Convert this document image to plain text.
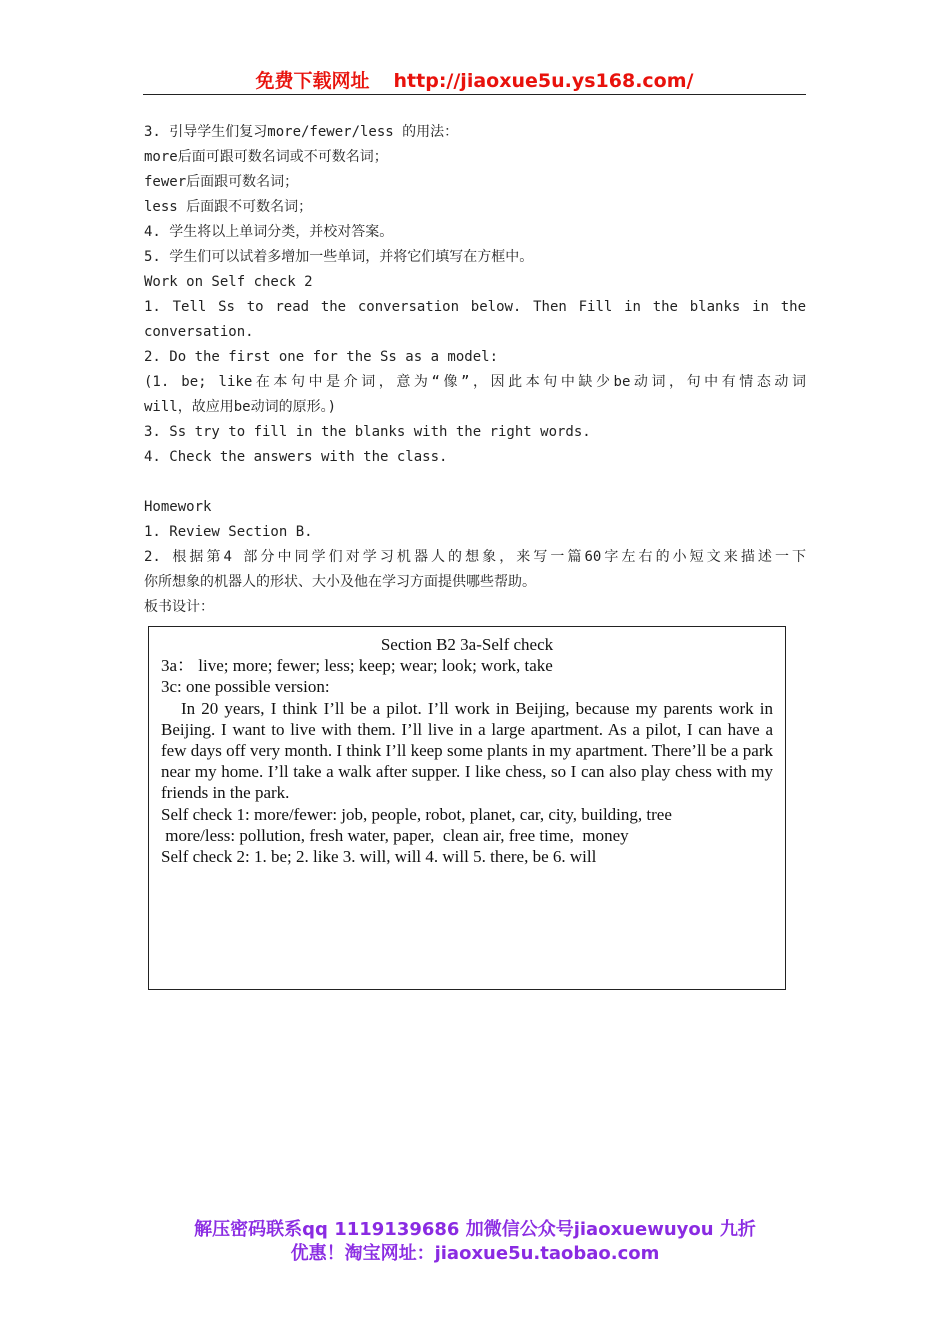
免费下载网址 http://jiaoxue5u.ys168.com/
3. 引导学生们复习more/fewer/less 的用法：
more后面可跟可数名词或不可数名词；
fewer后面跟可数名词；
less 后面跟不可数名词；
4. 学生将以上单词分类，并校对答案。
5. 学生们可以试着多增加一些单词，并将它们填写在方框中。
Work on Self check 2
1. Tell Ss to read the conversation below. Then Fill in the blanks in the
conversation.
2. Do the first one for the Ss as a model:
(1. be; like在本句中是介词，意为“像”，因此本句中缺少be动词，句中有情态动词
will，故应用be动词的原形。)
3. Ss try to fill in the blanks with the right words.
4. Check the answers with the class.
Homework
1. Review Section B.
2. 根据第4 部分中同学们对学习机器人的想象，来写一篇60字左右的小短文来描述一下
你所想象的机器人的形状、大小及他在学习方面提供哪些帮助。
板书设计：
Section B2 3a-Self check
3a： live; more; fewer; less; keep; wear; look; work, take
3c: one possible version:
In 20 years, I think I’ll be a pilot. I’ll work in Beijing, because my parents work in Beijing. I want to live with them. I’ll live in a large apartment. As a pilot, I can have a few days off very month. I think I’ll keep some plants in my apartment. There’ll be a park near my home. I’ll take a walk after supper. I like chess, so I can also play chess with my friends in the park.
Self check 1: more/fewer: job, people, robot, planet, car, city, building, tree
more/less: pollution, fresh water, paper,  clean air, free time,  money
Self check 2: 1. be; 2. like 3. will, will 4. will 5. there, be 6. will
解压密码联系qq 1119139686 加微信公众号jiaoxuewuyou 九折
优惠！淘宝网址：jiaoxue5u.taobao.com
